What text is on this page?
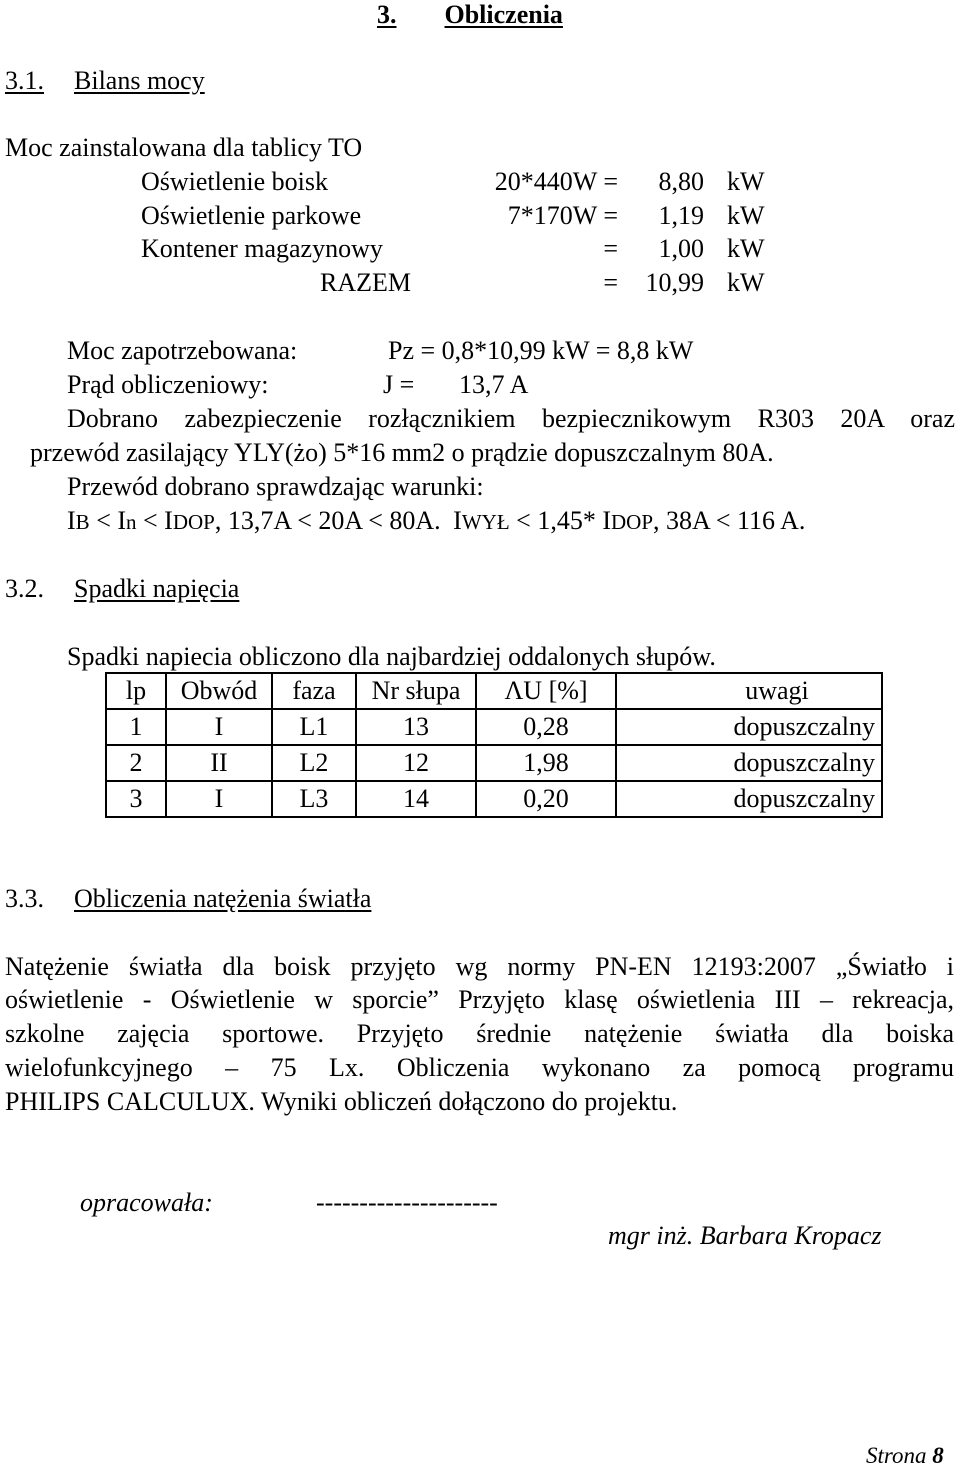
3. Obliczenia
3.1. Bilans mocy
Moc zainstalowana dla tablicy TO
Oświetlenie boisk	20*440W =	8,80 kW
Oświetlenie parkowe	7*170W =	1,19 kW
Kontener magazynowy	=	1,00 kW
RAZEM	=	10,99 kW
Moc zapotrzebowana:	Pz = 0,8*10,99 kW = 8,8 kW
Prąd obliczeniowy:	J = 13,7 A
Dobrano zabezpieczenie rozłącznikiem bezpiecznikowym R303 20A oraz
przewód zasilający YLY(żo) 5*16 mm2 o prądzie dopuszczalnym 80A.
Przewód dobrano sprawdzając warunki:
IB < In < IDOP, 13,7A < 20A < 80A. IWYŁ < 1,45* IDOP, 38A < 116 A.
3.2. Spadki napięcia
Spadki napiecia obliczono dla najbardziej oddalonych słupów.
lp	Obwód	faza	Nr słupa	ΛU [%]	uwagi
1	I	L1	13	0,28	dopuszczalny
2	II	L2	12	1,98	dopuszczalny
3	I	L3	14	0,20	dopuszczalny
3.3. Obliczenia natężenia światła
Natężenie światła dla boisk przyjęto wg normy PN-EN 12193:2007 „Światło i
oświetlenie - Oświetlenie w sporcie” Przyjęto klasę oświetlenia III – rekreacja,
szkolne zajęcia sportowe. Przyjęto średnie natężenie światła dla boiska
wielofunkcyjnego – 75 Lx. Obliczenia wykonano za pomocą programu
PHILIPS CALCULUX. Wyniki obliczeń dołączono do projektu.
opracowała:	---------------------
mgr inż. Barbara Kropacz
Strona 8
